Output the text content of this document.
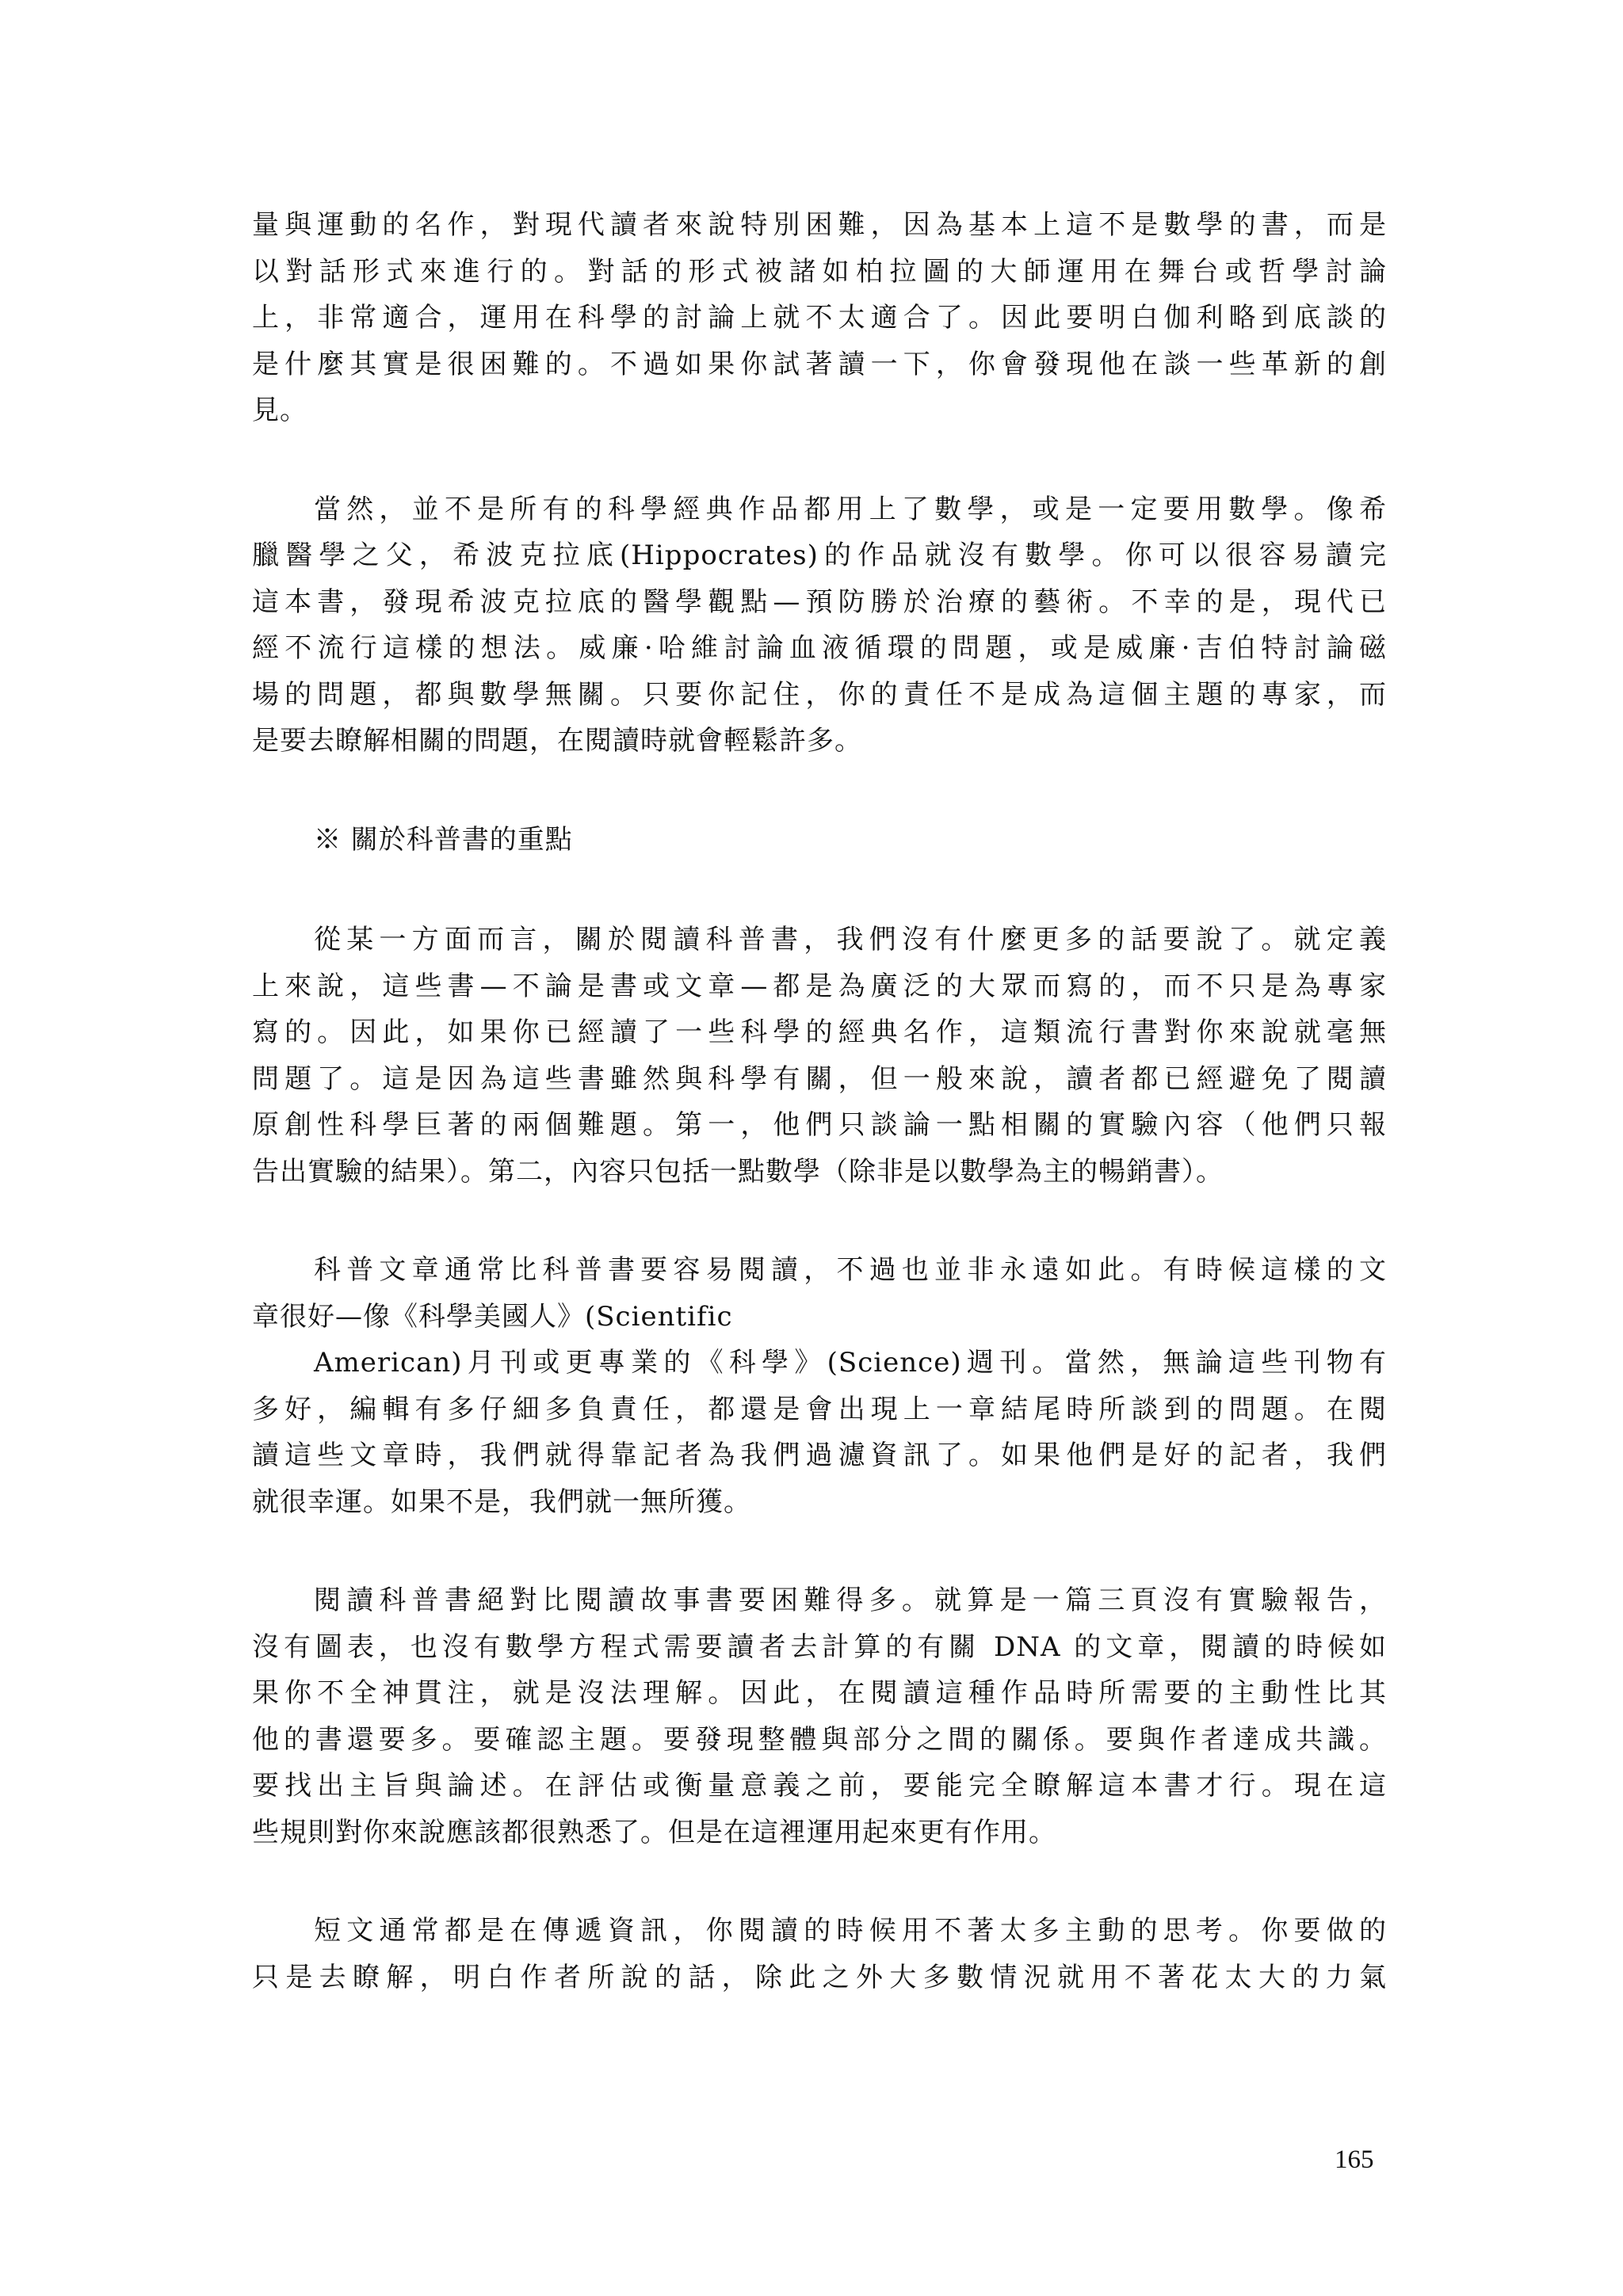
量與運動的名作，對現代讀者來說特別困難，因為基本上這不是數學的書，而是
以對話形式來進行的。對話的形式被諸如柏拉圖的大師運用在舞台或哲學討論
上，非常適合，運用在科學的討論上就不太適合了。因此要明白伽利略到底談的
是什麼其實是很困難的。不過如果你試著讀一下，你會發現他在談一些革新的創
見。
當然，並不是所有的科學經典作品都用上了數學，或是一定要用數學。像希
臘醫學之父，希波克拉底(Hippocrates)的作品就沒有數學。你可以很容易讀完
這本書，發現希波克拉底的醫學觀點—預防勝於治療的藝術。不幸的是，現代已
經不流行這樣的想法。威廉·哈維討論血液循環的問題，或是威廉·吉伯特討論磁
場的問題，都與數學無關。只要你記住，你的責任不是成為這個主題的專家，而
是要去瞭解相關的問題，在閱讀時就會輕鬆許多。
※ 關於科普書的重點
從某一方面而言，關於閱讀科普書，我們沒有什麼更多的話要說了。就定義
上來說，這些書—不論是書或文章—都是為廣泛的大眾而寫的，而不只是為專家
寫的。因此，如果你已經讀了一些科學的經典名作，這類流行書對你來說就毫無
問題了。這是因為這些書雖然與科學有關，但一般來說，讀者都已經避免了閱讀
原創性科學巨著的兩個難題。第一，他們只談論一點相關的實驗內容（他們只報
告出實驗的結果）。第二，內容只包括一點數學（除非是以數學為主的暢銷書）。
科普文章通常比科普書要容易閱讀，不過也並非永遠如此。有時候這樣的文
章很好—像《科學美國人》(Scientific
American)月刊或更專業的《科學》(Science)週刊。當然，無論這些刊物有
多好，編輯有多仔細多負責任，都還是會出現上一章結尾時所談到的問題。在閱
讀這些文章時，我們就得靠記者為我們過濾資訊了。如果他們是好的記者，我們
就很幸運。如果不是，我們就一無所獲。
閱讀科普書絕對比閱讀故事書要困難得多。就算是一篇三頁沒有實驗報告，
沒有圖表，也沒有數學方程式需要讀者去計算的有關 DNA 的文章，閱讀的時候如
果你不全神貫注，就是沒法理解。因此，在閱讀這種作品時所需要的主動性比其
他的書還要多。要確認主題。要發現整體與部分之間的關係。要與作者達成共識。
要找出主旨與論述。在評估或衡量意義之前，要能完全瞭解這本書才行。現在這
些規則對你來說應該都很熟悉了。但是在這裡運用起來更有作用。
短文通常都是在傳遞資訊，你閱讀的時候用不著太多主動的思考。你要做的
只是去瞭解，明白作者所說的話，除此之外大多數情況就用不著花太大的力氣
165
